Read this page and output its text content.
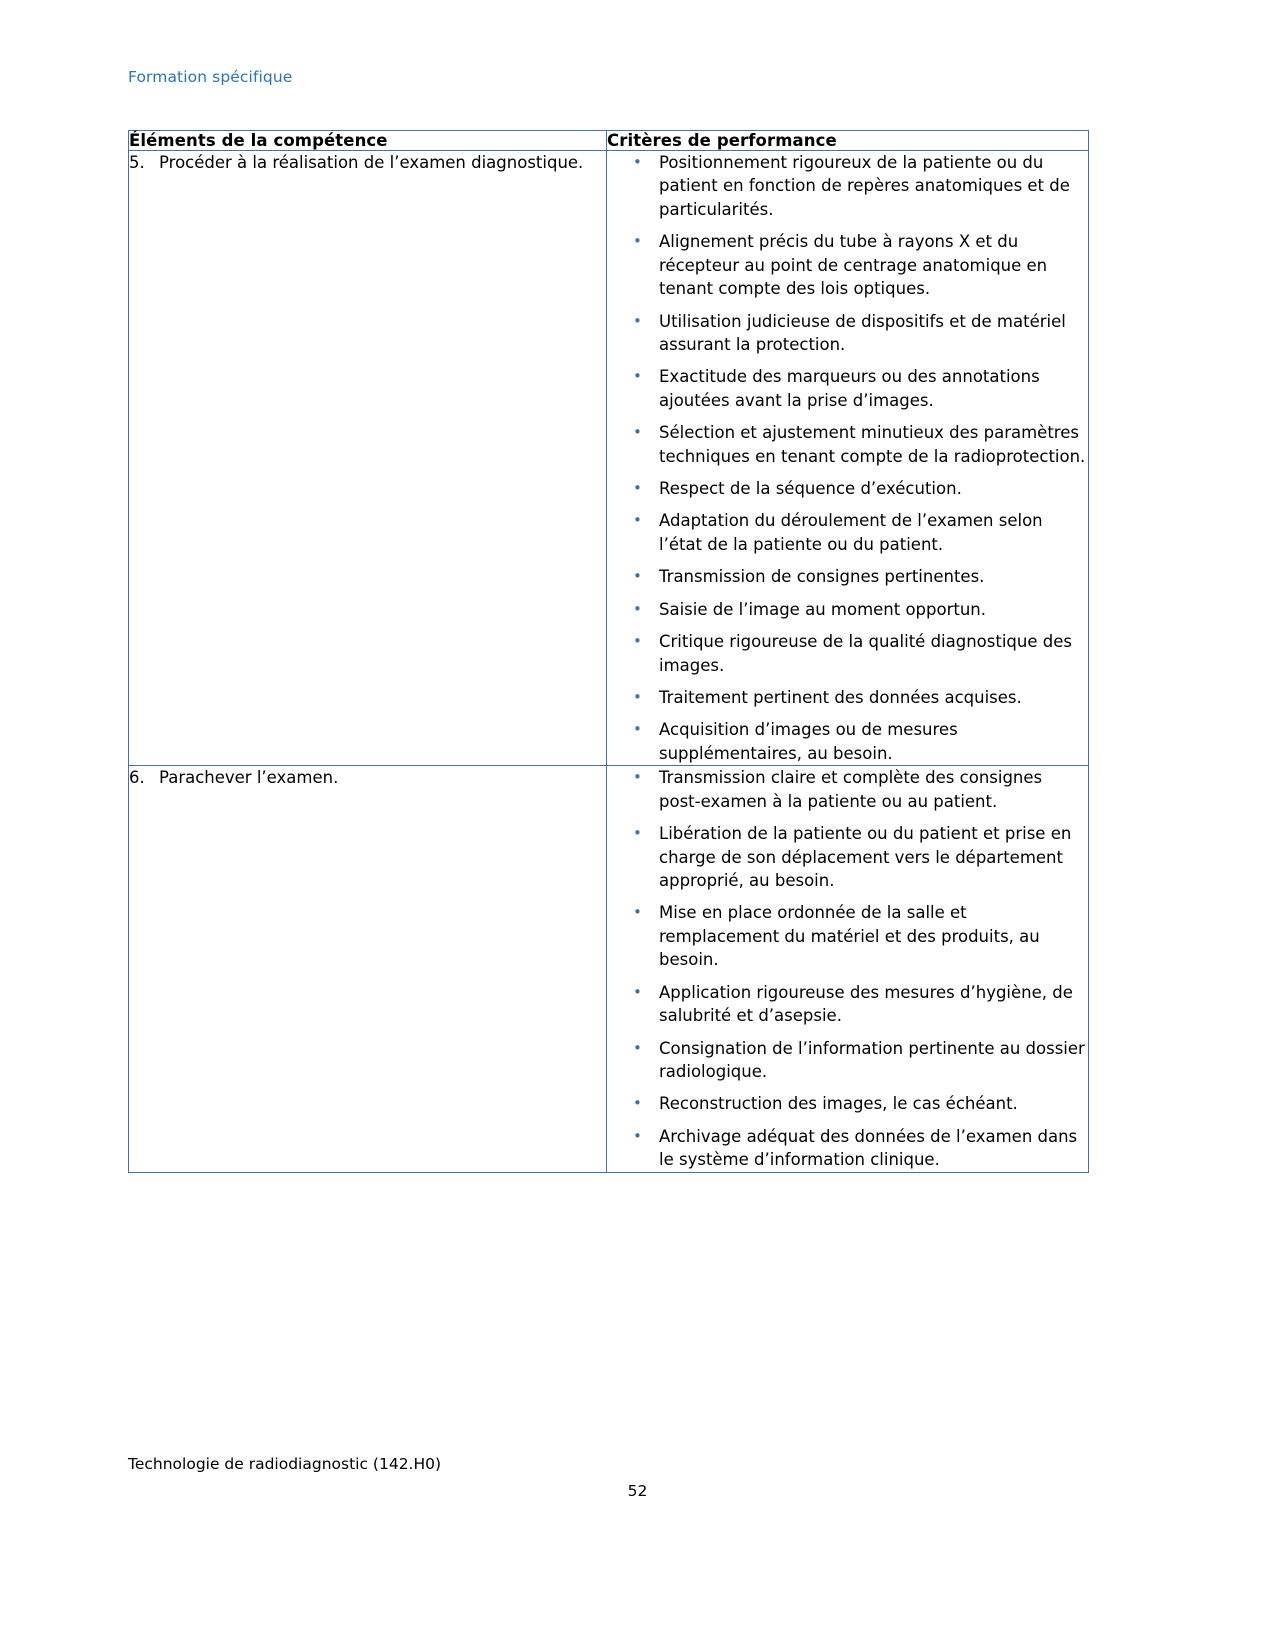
Formation spécifique
Éléments de la compétence	Critères de performance

5. Procéder à la réalisation de l’examen diagnostique.	• Positionnement rigoureux de la patiente ou du patient en fonction de repères anatomiques et de particularités.
• Alignement précis du tube à rayons X et du récepteur au point de centrage anatomique en tenant compte des lois optiques.
• Utilisation judicieuse de dispositifs et de matériel assurant la protection.
• Exactitude des marqueurs ou des annotations ajoutées avant la prise d’images.
• Sélection et ajustement minutieux des paramètres techniques en tenant compte de la radioprotection.
• Respect de la séquence d’exécution.
• Adaptation du déroulement de l’examen selon l’état de la patiente ou du patient.
• Transmission de consignes pertinentes.
• Saisie de l’image au moment opportun.
• Critique rigoureuse de la qualité diagnostique des images.
• Traitement pertinent des données acquises.
• Acquisition d’images ou de mesures supplémentaires, au besoin.

6. Parachever l’examen.	• Transmission claire et complète des consignes post-examen à la patiente ou au patient.
• Libération de la patiente ou du patient et prise en charge de son déplacement vers le département approprié, au besoin.
• Mise en place ordonnée de la salle et remplacement du matériel et des produits, au besoin.
• Application rigoureuse des mesures d’hygiène, de salubrité et d’asepsie.
• Consignation de l’information pertinente au dossier radiologique.
• Reconstruction des images, le cas échéant.
• Archivage adéquat des données de l’examen dans le système d’information clinique.
Technologie de radiodiagnostic (142.H0)
52
